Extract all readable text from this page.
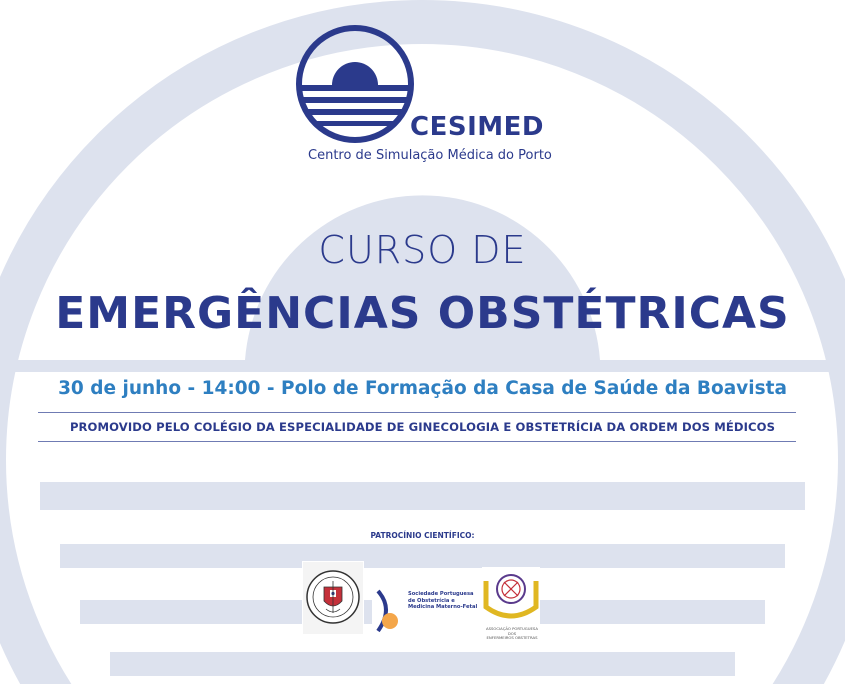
CESIMED
Centro de Simulação Médica do Porto
CURSO DE
EMERGÊNCIAS OBSTÉTRICAS
30 de junho - 14:00 - Polo de Formação da Casa de Saúde da Boavista
PROMOVIDO PELO COLÉGIO DA ESPECIALIDADE DE GINECOLOGIA E OBSTETRÍCIA DA ORDEM DOS MÉDICOS
PATROCÍNIO CIENTÍFICO:
Sociedade Portuguesa
de Obstetrícia e
Medicina Materno-Fetal
ASSOCIAÇÃO PORTUGUESA DOS
ENFERMEIROS OBSTETRAS
